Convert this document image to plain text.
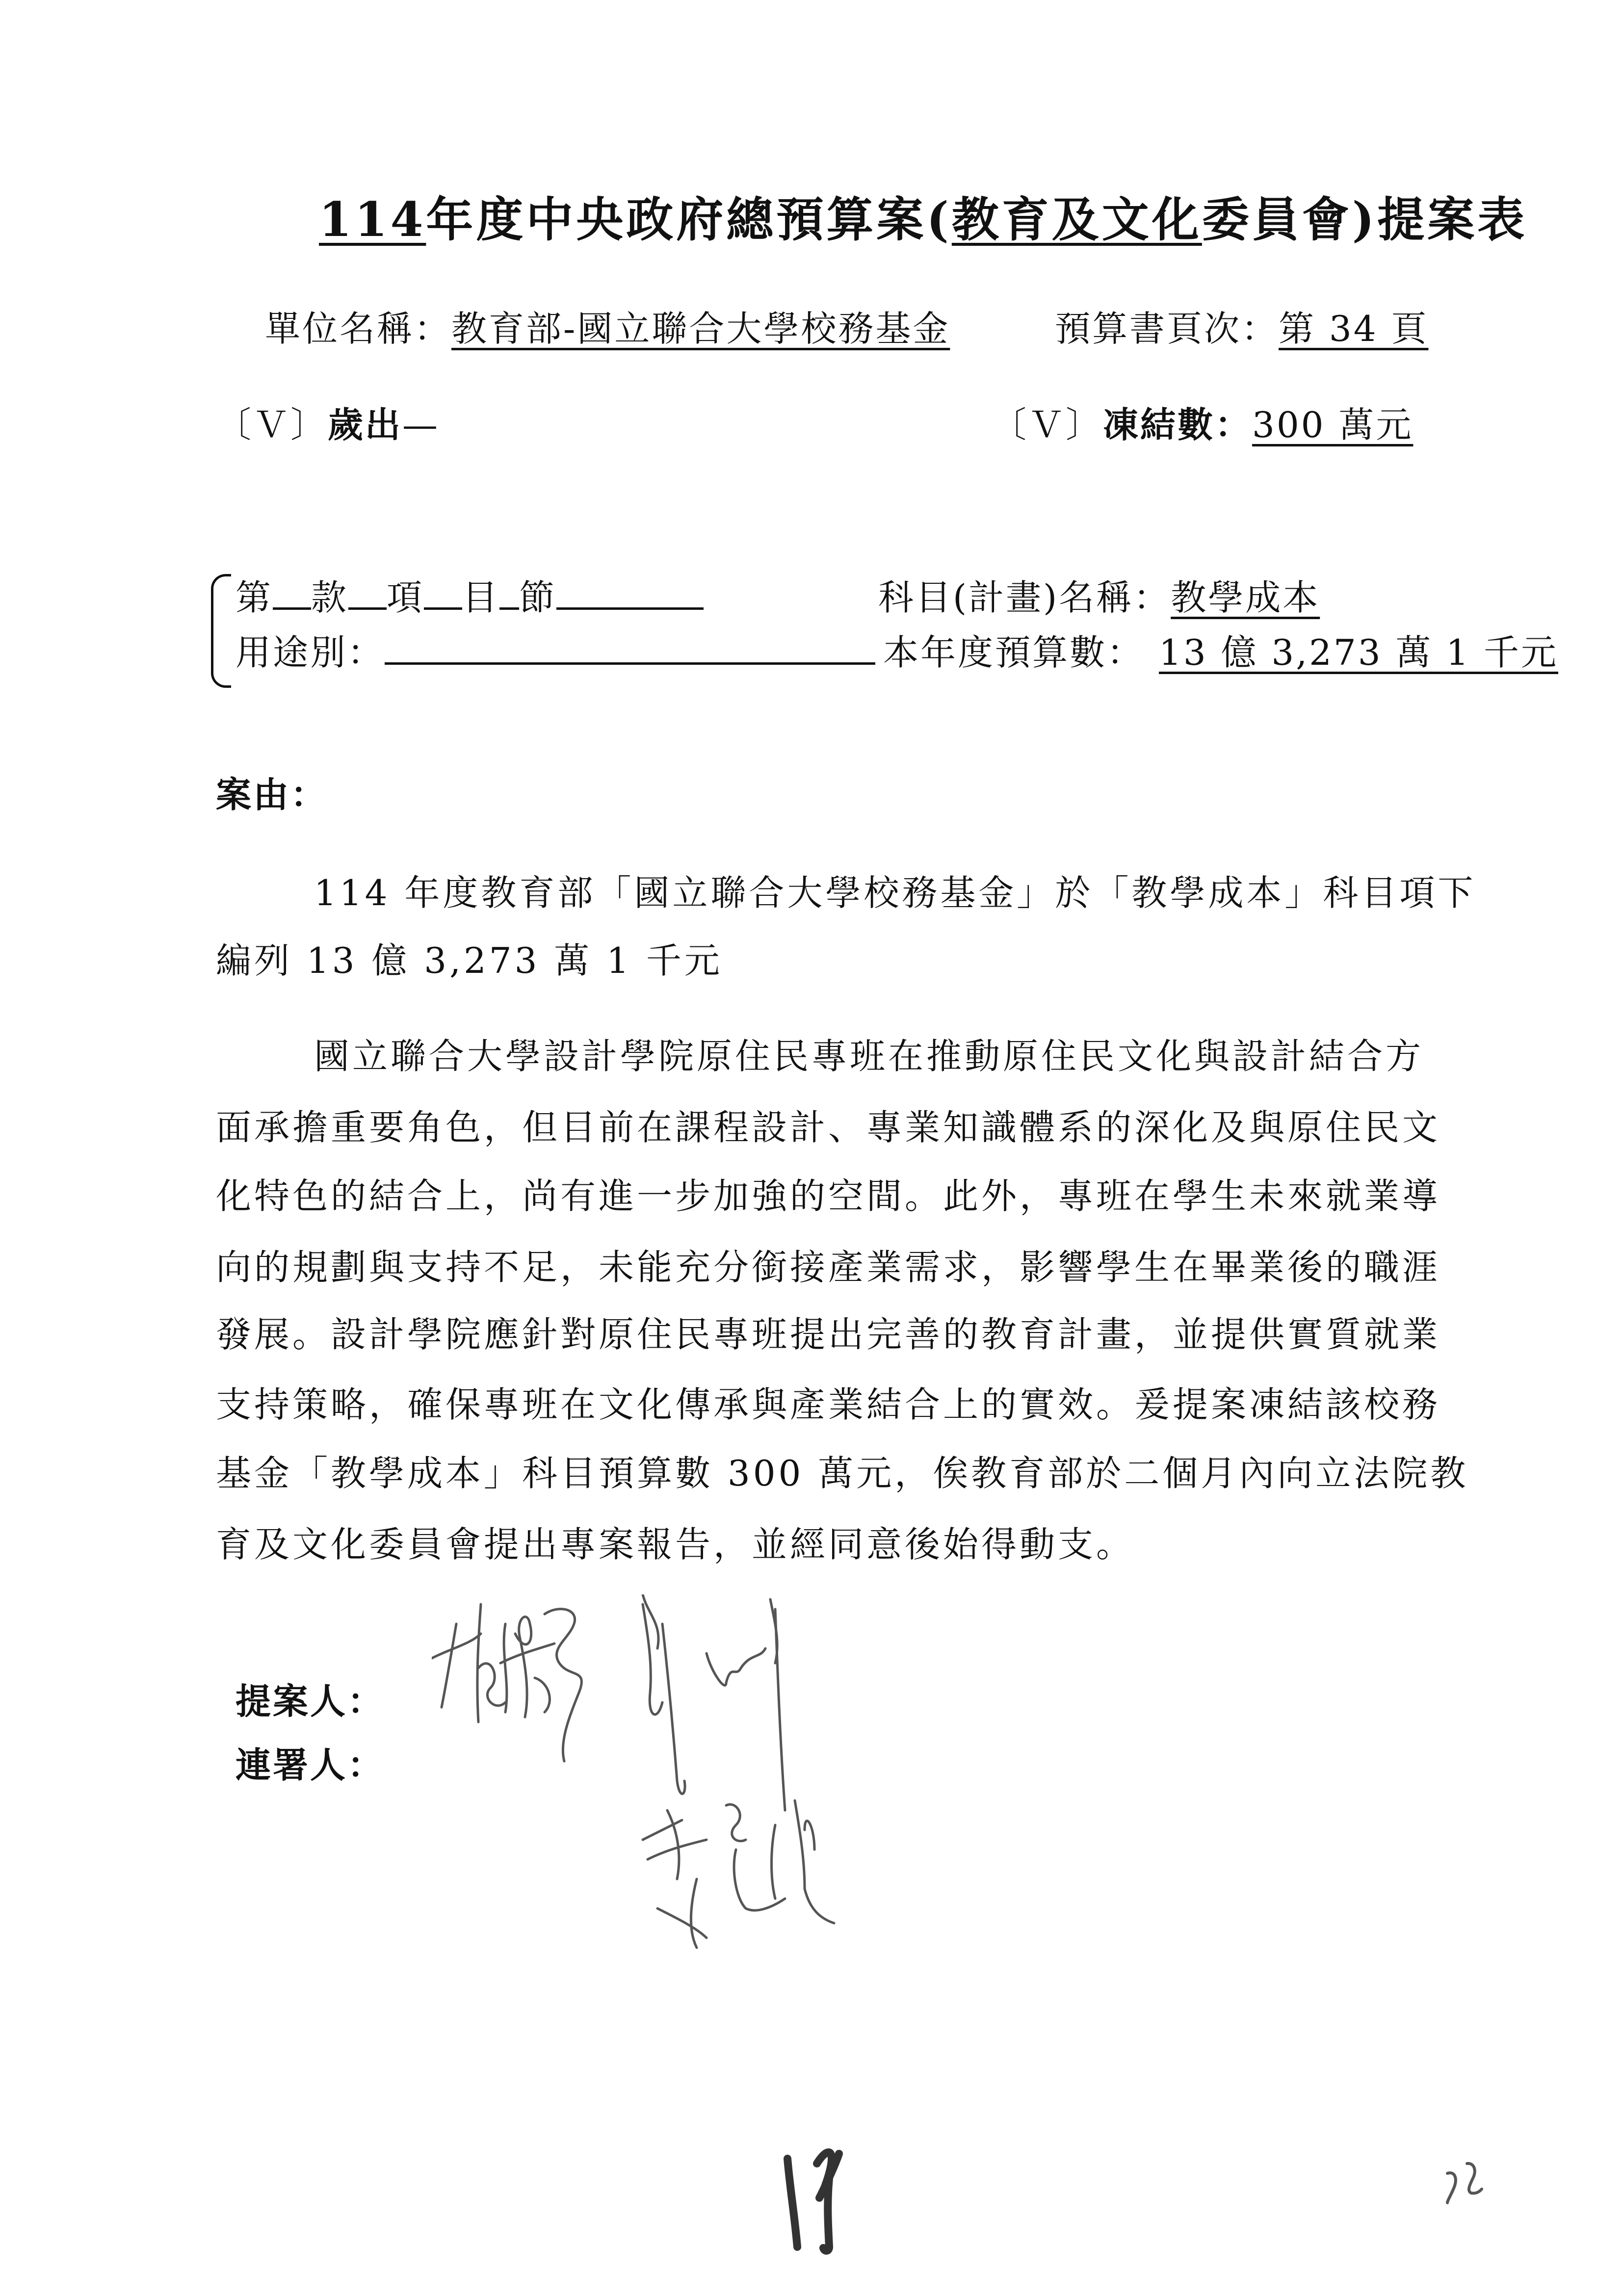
114年度中央政府總預算案(教育及文化委員會)提案表
單位名稱：教育部-國立聯合大學校務基金	預算書頁次：第 34 頁
〔Ｖ〕歲出—	〔Ｖ〕凍結數：300 萬元
第 款 項 目 節	科目(計畫)名稱：教學成本
用途別：	本年度預算數： 13 億 3,273 萬 1 千元
案由：
114 年度教育部「國立聯合大學校務基金」於「教學成本」科目項下
編列 13 億 3,273 萬 1 千元
國立聯合大學設計學院原住民專班在推動原住民文化與設計結合方
面承擔重要角色，但目前在課程設計、專業知識體系的深化及與原住民文
化特色的結合上，尚有進一步加強的空間。此外，專班在學生未來就業導
向的規劃與支持不足，未能充分銜接產業需求，影響學生在畢業後的職涯
發展。設計學院應針對原住民專班提出完善的教育計畫，並提供實質就業
支持策略，確保專班在文化傳承與產業結合上的實效。爰提案凍結該校務
基金「教學成本」科目預算數 300 萬元，俟教育部於二個月內向立法院教
育及文化委員會提出專案報告，並經同意後始得動支。
提案人：
連署人：
